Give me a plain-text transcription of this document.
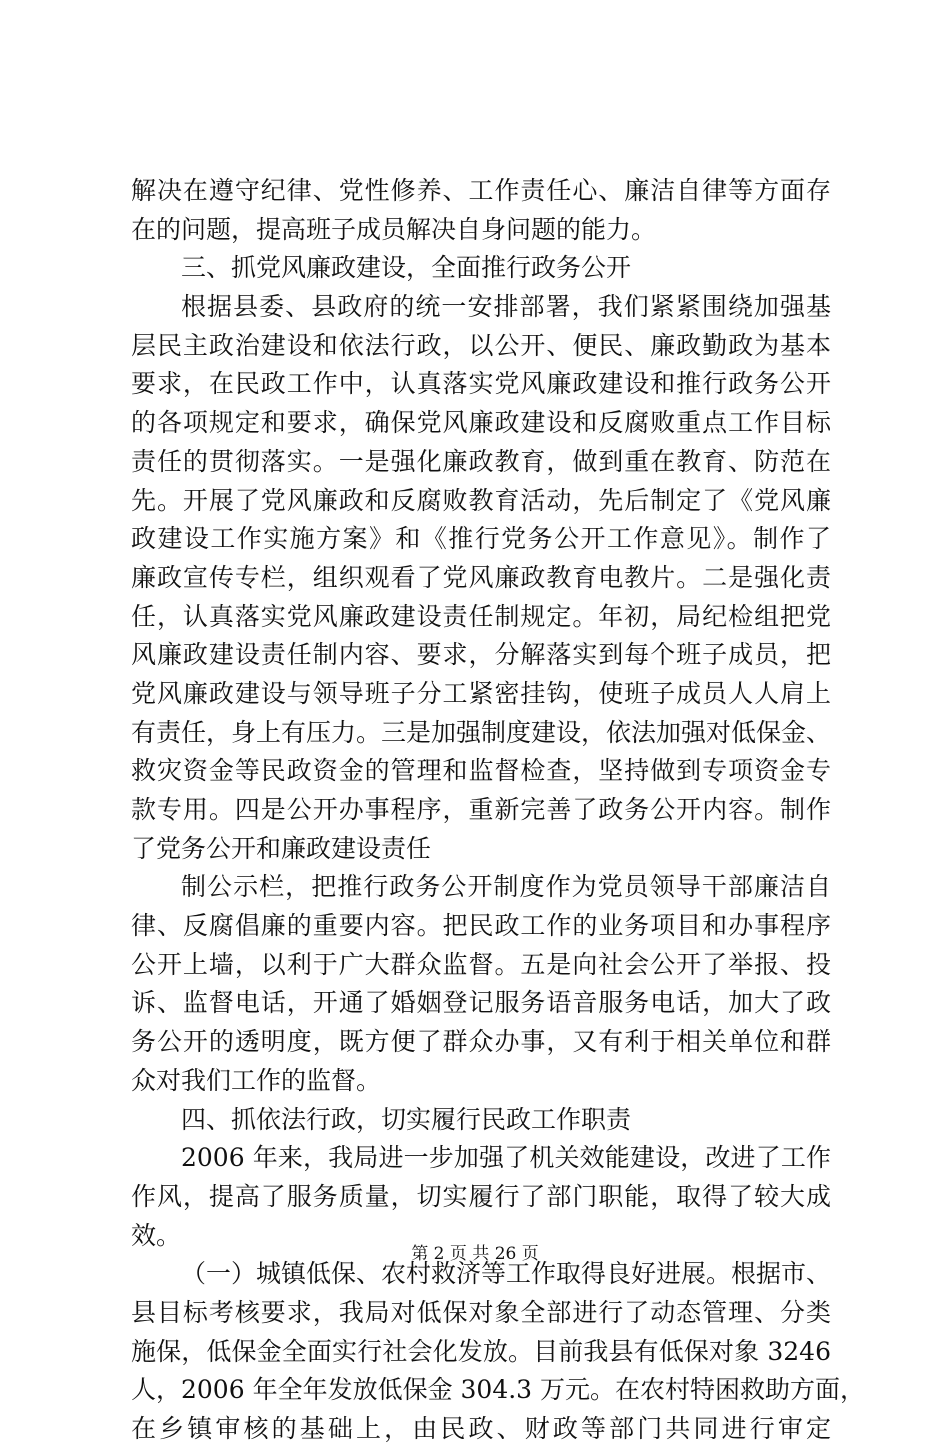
解决在遵守纪律、党性修养、工作责任心、廉洁自律等方面存
在的问题，提高班子成员解决自身问题的能力。
三、抓党风廉政建设，全面推行政务公开
根据县委、县政府的统一安排部署，我们紧紧围绕加强基
层民主政治建设和依法行政，以公开、便民、廉政勤政为基本
要求，在民政工作中，认真落实党风廉政建设和推行政务公开
的各项规定和要求，确保党风廉政建设和反腐败重点工作目标
责任的贯彻落实。一是强化廉政教育，做到重在教育、防范在
先。开展了党风廉政和反腐败教育活动，先后制定了《党风廉
政建设工作实施方案》和《推行党务公开工作意见》。制作了
廉政宣传专栏，组织观看了党风廉政教育电教片。二是强化责
任，认真落实党风廉政建设责任制规定。年初，局纪检组把党
风廉政建设责任制内容、要求，分解落实到每个班子成员，把
党风廉政建设与领导班子分工紧密挂钩，使班子成员人人肩上
有责任，身上有压力。三是加强制度建设，依法加强对低保金、
救灾资金等民政资金的管理和监督检查，坚持做到专项资金专
款专用。四是公开办事程序，重新完善了政务公开内容。制作
了党务公开和廉政建设责任
制公示栏，把推行政务公开制度作为党员领导干部廉洁自
律、反腐倡廉的重要内容。把民政工作的业务项目和办事程序
公开上墙，以利于广大群众监督。五是向社会公开了举报、投
诉、监督电话，开通了婚姻登记服务语音服务电话，加大了政
务公开的透明度，既方便了群众办事，又有利于相关单位和群
众对我们工作的监督。
四、抓依法行政，切实履行民政工作职责
2006 年来，我局进一步加强了机关效能建设，改进了工作
作风，提高了服务质量，切实履行了部门职能，取得了较大成
效。
（一）城镇低保、农村救济等工作取得良好进展。根据市、
县目标考核要求，我局对低保对象全部进行了动态管理、分类
施保，低保金全面实行社会化发放。目前我县有低保对象 3246
人，2006 年全年发放低保金 304.3 万元。在农村特困救助方面，
在乡镇审核的基础上，由民政、财政等部门共同进行审定
第 2 页 共 26 页
